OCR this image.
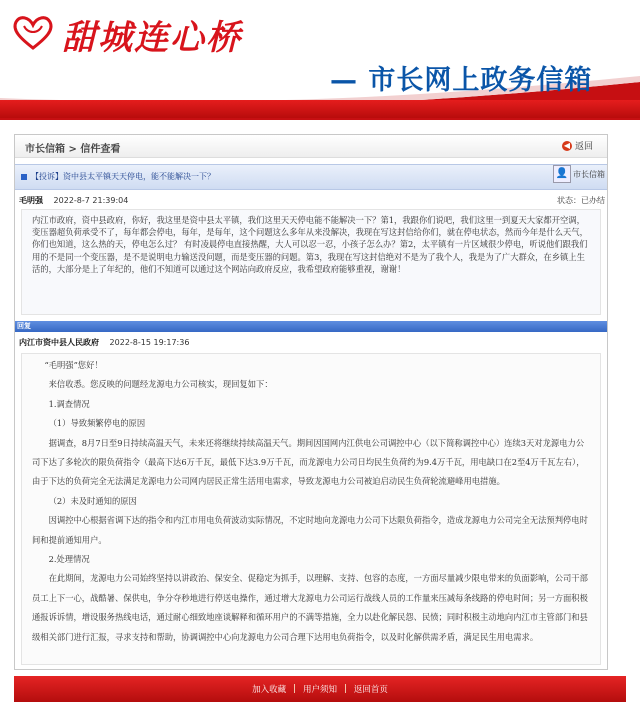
甜城连心桥
— 市长网上政务信箱
市长信箱 > 信件查看	◀ 返回
【投诉】资中县太平镇天天停电，能不能解决一下？	👤 市长信箱
毛明强 2022-8-7 21:39:04	状态：已办结
内江市政府，资中县政府，你好，我这里是资中县太平镇，我们这里天天停电能不能解决一下？第1，我跟你们说吧，我们这里一到夏天大家都开空调，变压器超负荷承受不了，每年都会停电，每年，是每年，这个问题这么多年从来没解决，我现在写这封信给你们，就在停电状态，然而今年是什么天气，你们也知道，这么热的天，停电怎么过？ 有时凌晨停电直接热醒，大人可以忍一忍，小孩子怎么办？第2，太平镇有一片区域很少停电，听说他们跟我们用的不是同一个变压器，是不是说明电力输送没问题，而是变压器的问题。第3，我现在写这封信绝对不是为了我个人，我是为了广大群众，在乡镇上生活的，大部分是上了年纪的，他们不知道可以通过这个网站向政府反应，我希望政府能够重视，谢谢！
回复
内江市资中县人民政府 2022-8-15 19:17:36

“毛明强”您好！

来信收悉。您反映的问题经龙源电力公司核实，现回复如下：

1.调查情况

（1）导致频繁停电的原因

据调查，8月7日至9日持续高温天气，未来还将继续持续高温天气。期间因国网内江供电公司调控中心（以下简称调控中心）连续3天对龙源电力公司下达了多轮次的限负荷指令（最高下达6万千瓦，最低下达3.9万千瓦，而龙源电力公司日均民生负荷约为9.4万千瓦，用电缺口在2至4万千瓦左右），由于下达的负荷完全无法满足龙源电力公司网内居民正常生活用电需求，导致龙源电力公司被迫启动民生负荷轮流避峰用电措施。

（2）未及时通知的原因

因调控中心根据省调下达的指令和内江市用电负荷波动实际情况，不定时地向龙源电力公司下达限负荷指令，造成龙源电力公司完全无法预判停电时间和提前通知用户。

2.处理情况

在此期间，龙源电力公司始终坚持以讲政治、保安全、促稳定为抓手，以理解、支持、包容的态度，一方面尽量减少限电带来的负面影响，公司干部员工上下一心，战酷暑、保供电，争分夺秒地进行停送电操作，通过增大龙源电力公司运行战线人员的工作量来压减每条线路的停电时间；另一方面积极通报诉诉情，增设服务热线电话，通过耐心细致地座谈解释和循环用户的不满等措施，全力以赴化解民怨、民愤；同时积极主动地向内江市主管部门和县级相关部门进行汇报，寻求支持和帮助，协调调控中心向龙源电力公司合理下达用电负荷指令，以及时化解供需矛盾，满足民生用电需求。

加入收藏 | 用户须知 | 返回首页
